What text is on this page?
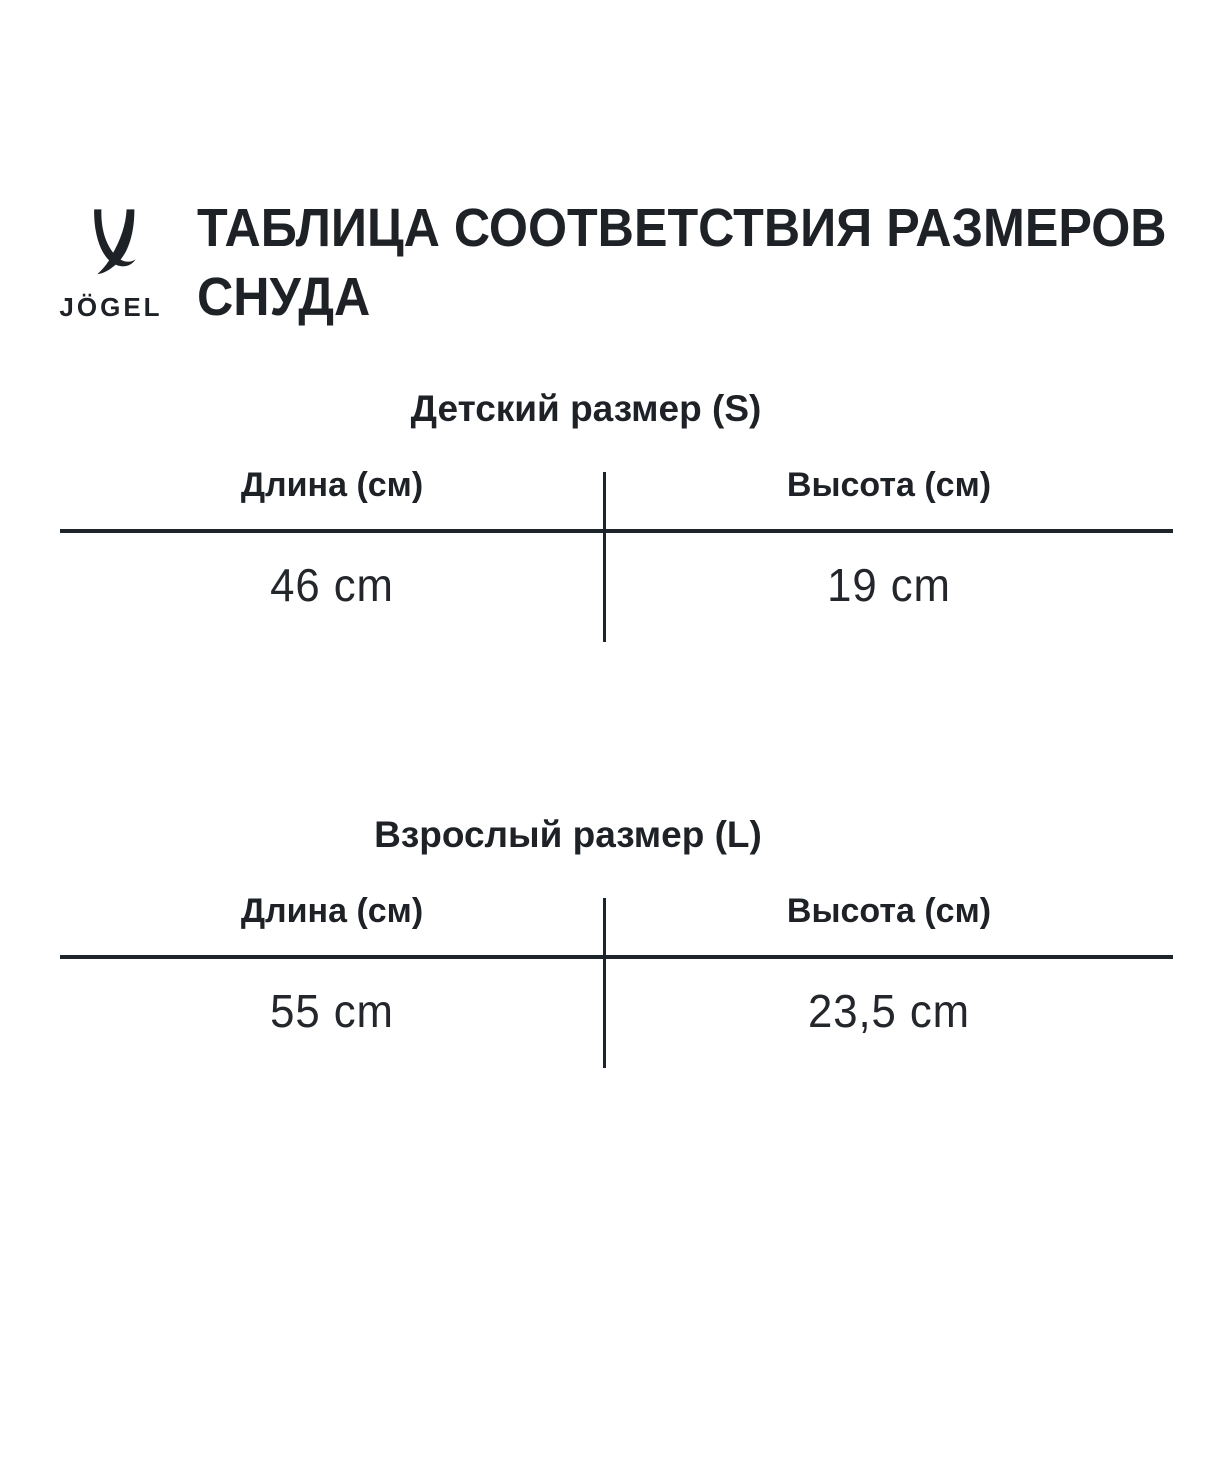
JÖGEL
ТАБЛИЦА СООТВЕТСТВИЯ РАЗМЕРОВ
СНУДА
Детский размер (S)
Длина (см)	Высота (см)
46 cm	19 cm
Взрослый размер (L)
Длина (см)	Высота (см)
55 cm	23,5 cm
